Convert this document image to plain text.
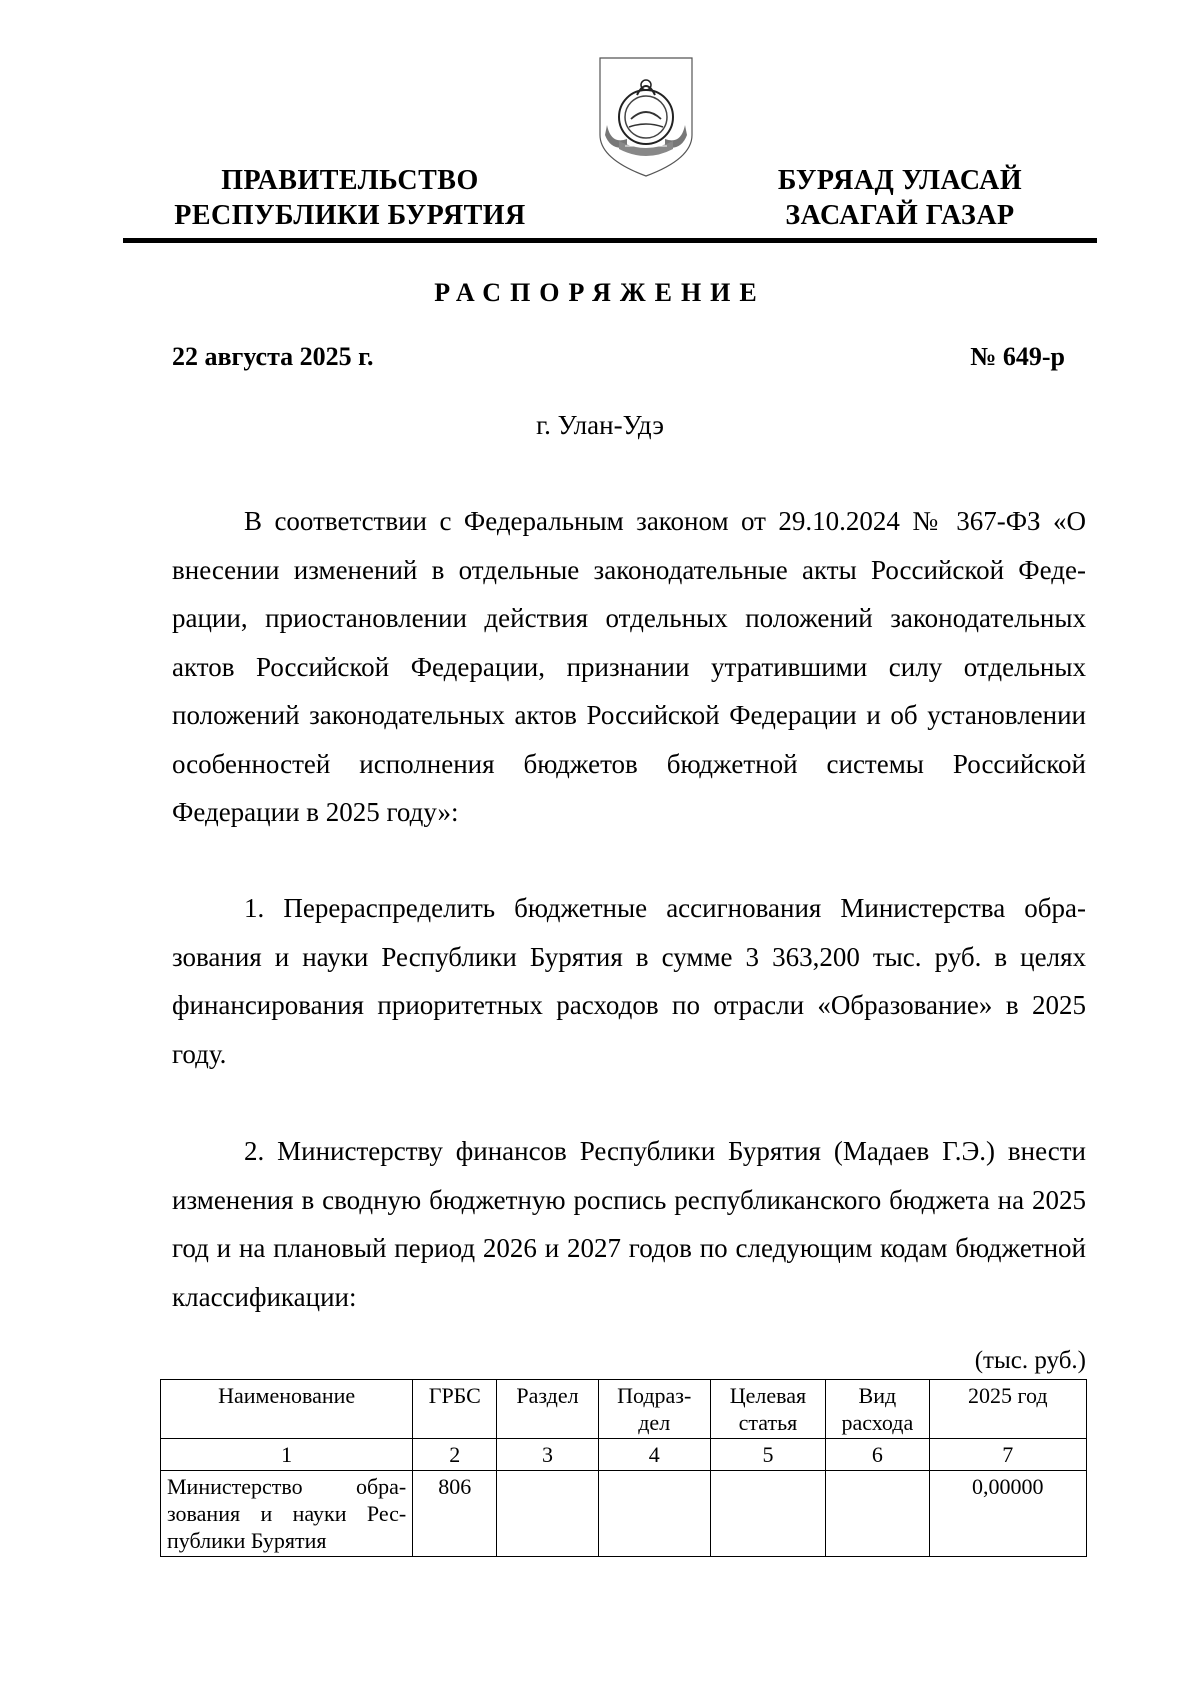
ПРАВИТЕЛЬСТВО
РЕСПУБЛИКИ БУРЯТИЯ
БУРЯАД УЛАСАЙ
ЗАСАГАЙ ГАЗАР
РАСПОРЯЖЕНИЕ
22 августа 2025 г.	№ 649-р
г. Улан-Удэ
В соответствии с Федеральным законом от 29.10.2024 № 367-ФЗ «О внесении изменений в отдельные законодательные акты Российской Федерации, приостановлении действия отдельных положений законодательных актов Российской Федерации, признании утратившими силу отдельных положений законодательных актов Российской Федерации и об установлении особенностей исполнения бюджетов бюджетной системы Российской Федерации в 2025 году»:
1. Перераспределить бюджетные ассигнования Министерства образования и науки Республики Бурятия в сумме 3 363,200 тыс. руб. в целях финансирования приоритетных расходов по отрасли «Образование» в 2025 году.
2. Министерству финансов Республики Бурятия (Мадаев Г.Э.) внести изменения в сводную бюджетную роспись республиканского бюджета на 2025 год и на плановый период 2026 и 2027 годов по следующим кодам бюджетной классификации:
(тыс. руб.)
Наименование	ГРБС	Раздел	Подраз-дел	Целевая статья	Вид расхода	2025 год
1	2	3	4	5	6	7
Министерство образования и науки Республики Бурятия	806					0,00000
